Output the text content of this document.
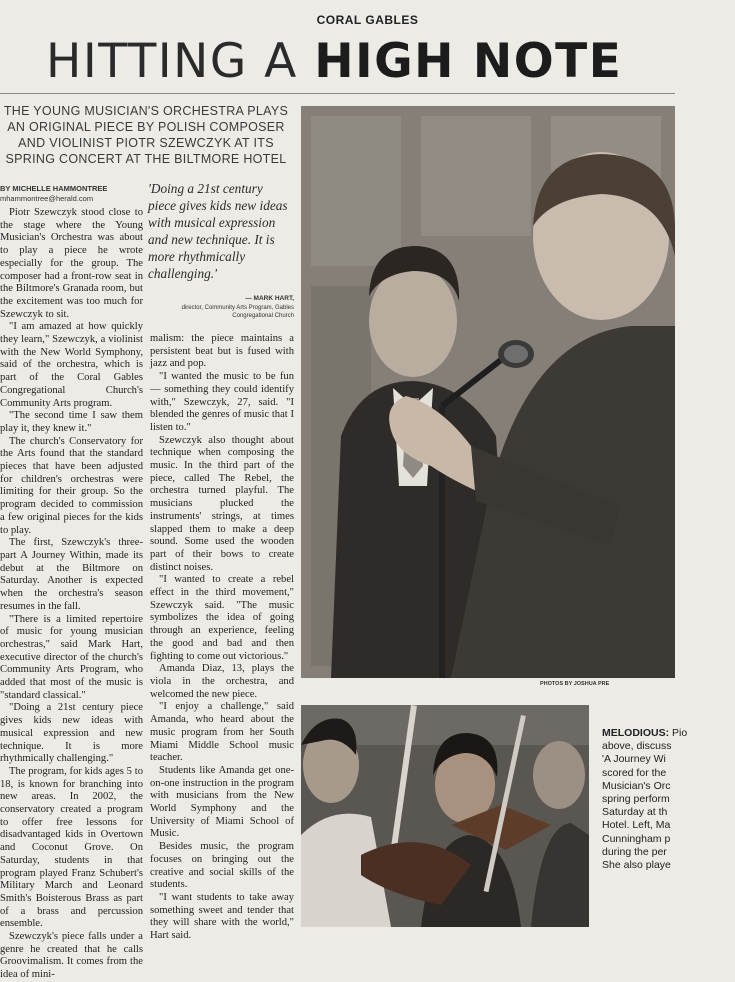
CORAL GABLES
HITTING A HIGH NOTE
THE YOUNG MUSICIAN'S ORCHESTRA PLAYS AN ORIGINAL PIECE BY POLISH COMPOSER AND VIOLINIST PIOTR SZEWCZYK AT ITS SPRING CONCERT AT THE BILTMORE HOTEL
BY MICHELLE HAMMONTREE
mhammontree@herald.com

Piotr Szewczyk stood close to the stage where the Young Musician's Orchestra was about to play a piece he wrote especially for the group. The composer had a front-row seat in the Biltmore's Granada room, but the excitement was too much for Szewczyk to sit.

"I am amazed at how quickly they learn," Szewczyk, a violinist with the New World Symphony, said of the orchestra, which is part of the Coral Gables Congregational Church's Community Arts program.

"The second time I saw them play it, they knew it."

The church's Conservatory for the Arts found that the standard pieces that have been adjusted for children's orchestras were limiting for their group. So the program decided to commission a few original pieces for the kids to play.

The first, Szewczyk's three-part A Journey Within, made its debut at the Biltmore on Saturday. Another is expected when the orchestra's season resumes in the fall.

"There is a limited repertoire of music for young musician orchestras," said Mark Hart, executive director of the church's Community Arts Program, who added that most of the music is "standard classical."

"Doing a 21st century piece gives kids new ideas with musical expression and new technique. It is more rhythmically challenging."

The program, for kids ages 5 to 18, is known for branching into new areas. In 2002, the conservatory created a program to offer free lessons for disadvantaged kids in Overtown and Coconut Grove. On Saturday, students in that program played Franz Schubert's Military March and Leonard Smith's Boisterous Brass as part of a brass and percussion ensemble.

Szewczyk's piece falls under a genre he created that he calls Groovimalism. It comes from the idea of mini-

'Doing a 21st century piece gives kids new ideas with musical expression and new technique. It is more rhythmically challenging.'
— MARK HART,
director, Community Arts Program, Gables Congregational Church

malism: the piece maintains a persistent beat but is fused with jazz and pop.

"I wanted the music to be fun — something they could identify with," Szewczyk, 27, said. "I blended the genres of music that I listen to."

Szewczyk also thought about technique when composing the music. In the third part of the piece, called The Rebel, the orchestra turned playful. The musicians plucked the instruments' strings, at times slapped them to make a deep sound. Some used the wooden part of their bows to create distinct noises.

"I wanted to create a rebel effect in the third movement," Szewczyk said. "The music symbolizes the idea of going through an experience, feeling the good and bad and then fighting to come out victorious."

Amanda Diaz, 13, plays the viola in the orchestra, and welcomed the new piece.

"I enjoy a challenge," said Amanda, who heard about the music program from her South Miami Middle School music teacher.

Students like Amanda get one-on-one instruction in the program with musicians from the New World Symphony and the University of Miami School of Music.

Besides music, the program focuses on bringing out the creative and social skills of the students.

"I want students to take away something sweet and tender that they will share with the world," Hart said.

PHOTOS BY JOSHUA PRE
MELODIOUS: Pio
above, discuss
'A Journey Wi
scored for the
Musician's Orc
spring perform
Saturday at th
Hotel. Left, Ma
Cunningham p
during the per
She also playe
